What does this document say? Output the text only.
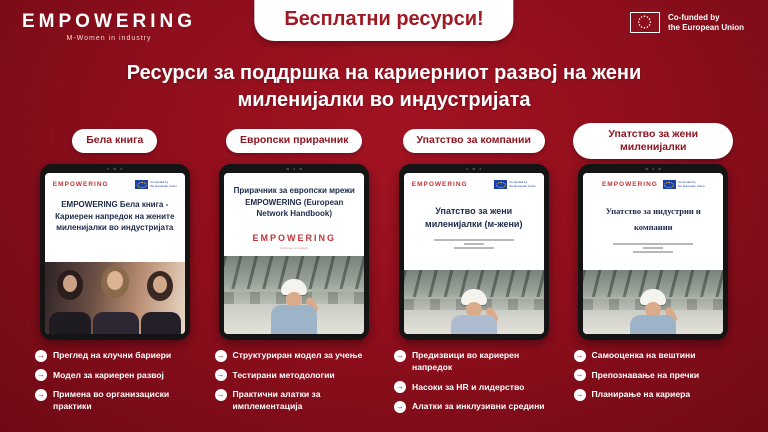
EMPOWERING
M-Women in industry
Бесплатни ресурси!	Co-funded by
the European Union
Ресурси за поддршка на кариерниот развој на жени миленијалки во индустријата
Бела книга
EMPOWERING	Co-funded by
the European Union
EMPOWERING Бела книга - Кариерен напредок на жените миленијалки во индустријата
→ Преглед на клучни бариери
→ Модел за кариерен развој
→ Примена во организациски практики
Европски прирачник
Прирачник за европски мрежи EMPOWERING (European Network Handbook)
EMPOWERING
M-Women in industry
→ Структуриран модел за учење
→ Тестирани методологии
→ Практични алатки за имплементација
Упатство за компании
EMPOWERING	Co-funded by
the European Union
Упатство за жени миленијалки (м-жени)
→ Предизвици во кариерен напредок
→ Насоки за HR и лидерство
→ Алатки за инклузивни средини
Упатство за жени миленијалки
EMPOWERING	Co-funded by
the European Union
Упатство за индустрии и компании
→ Самооценка на вештини
→ Препознавање на пречки
→ Планирање на кариера
